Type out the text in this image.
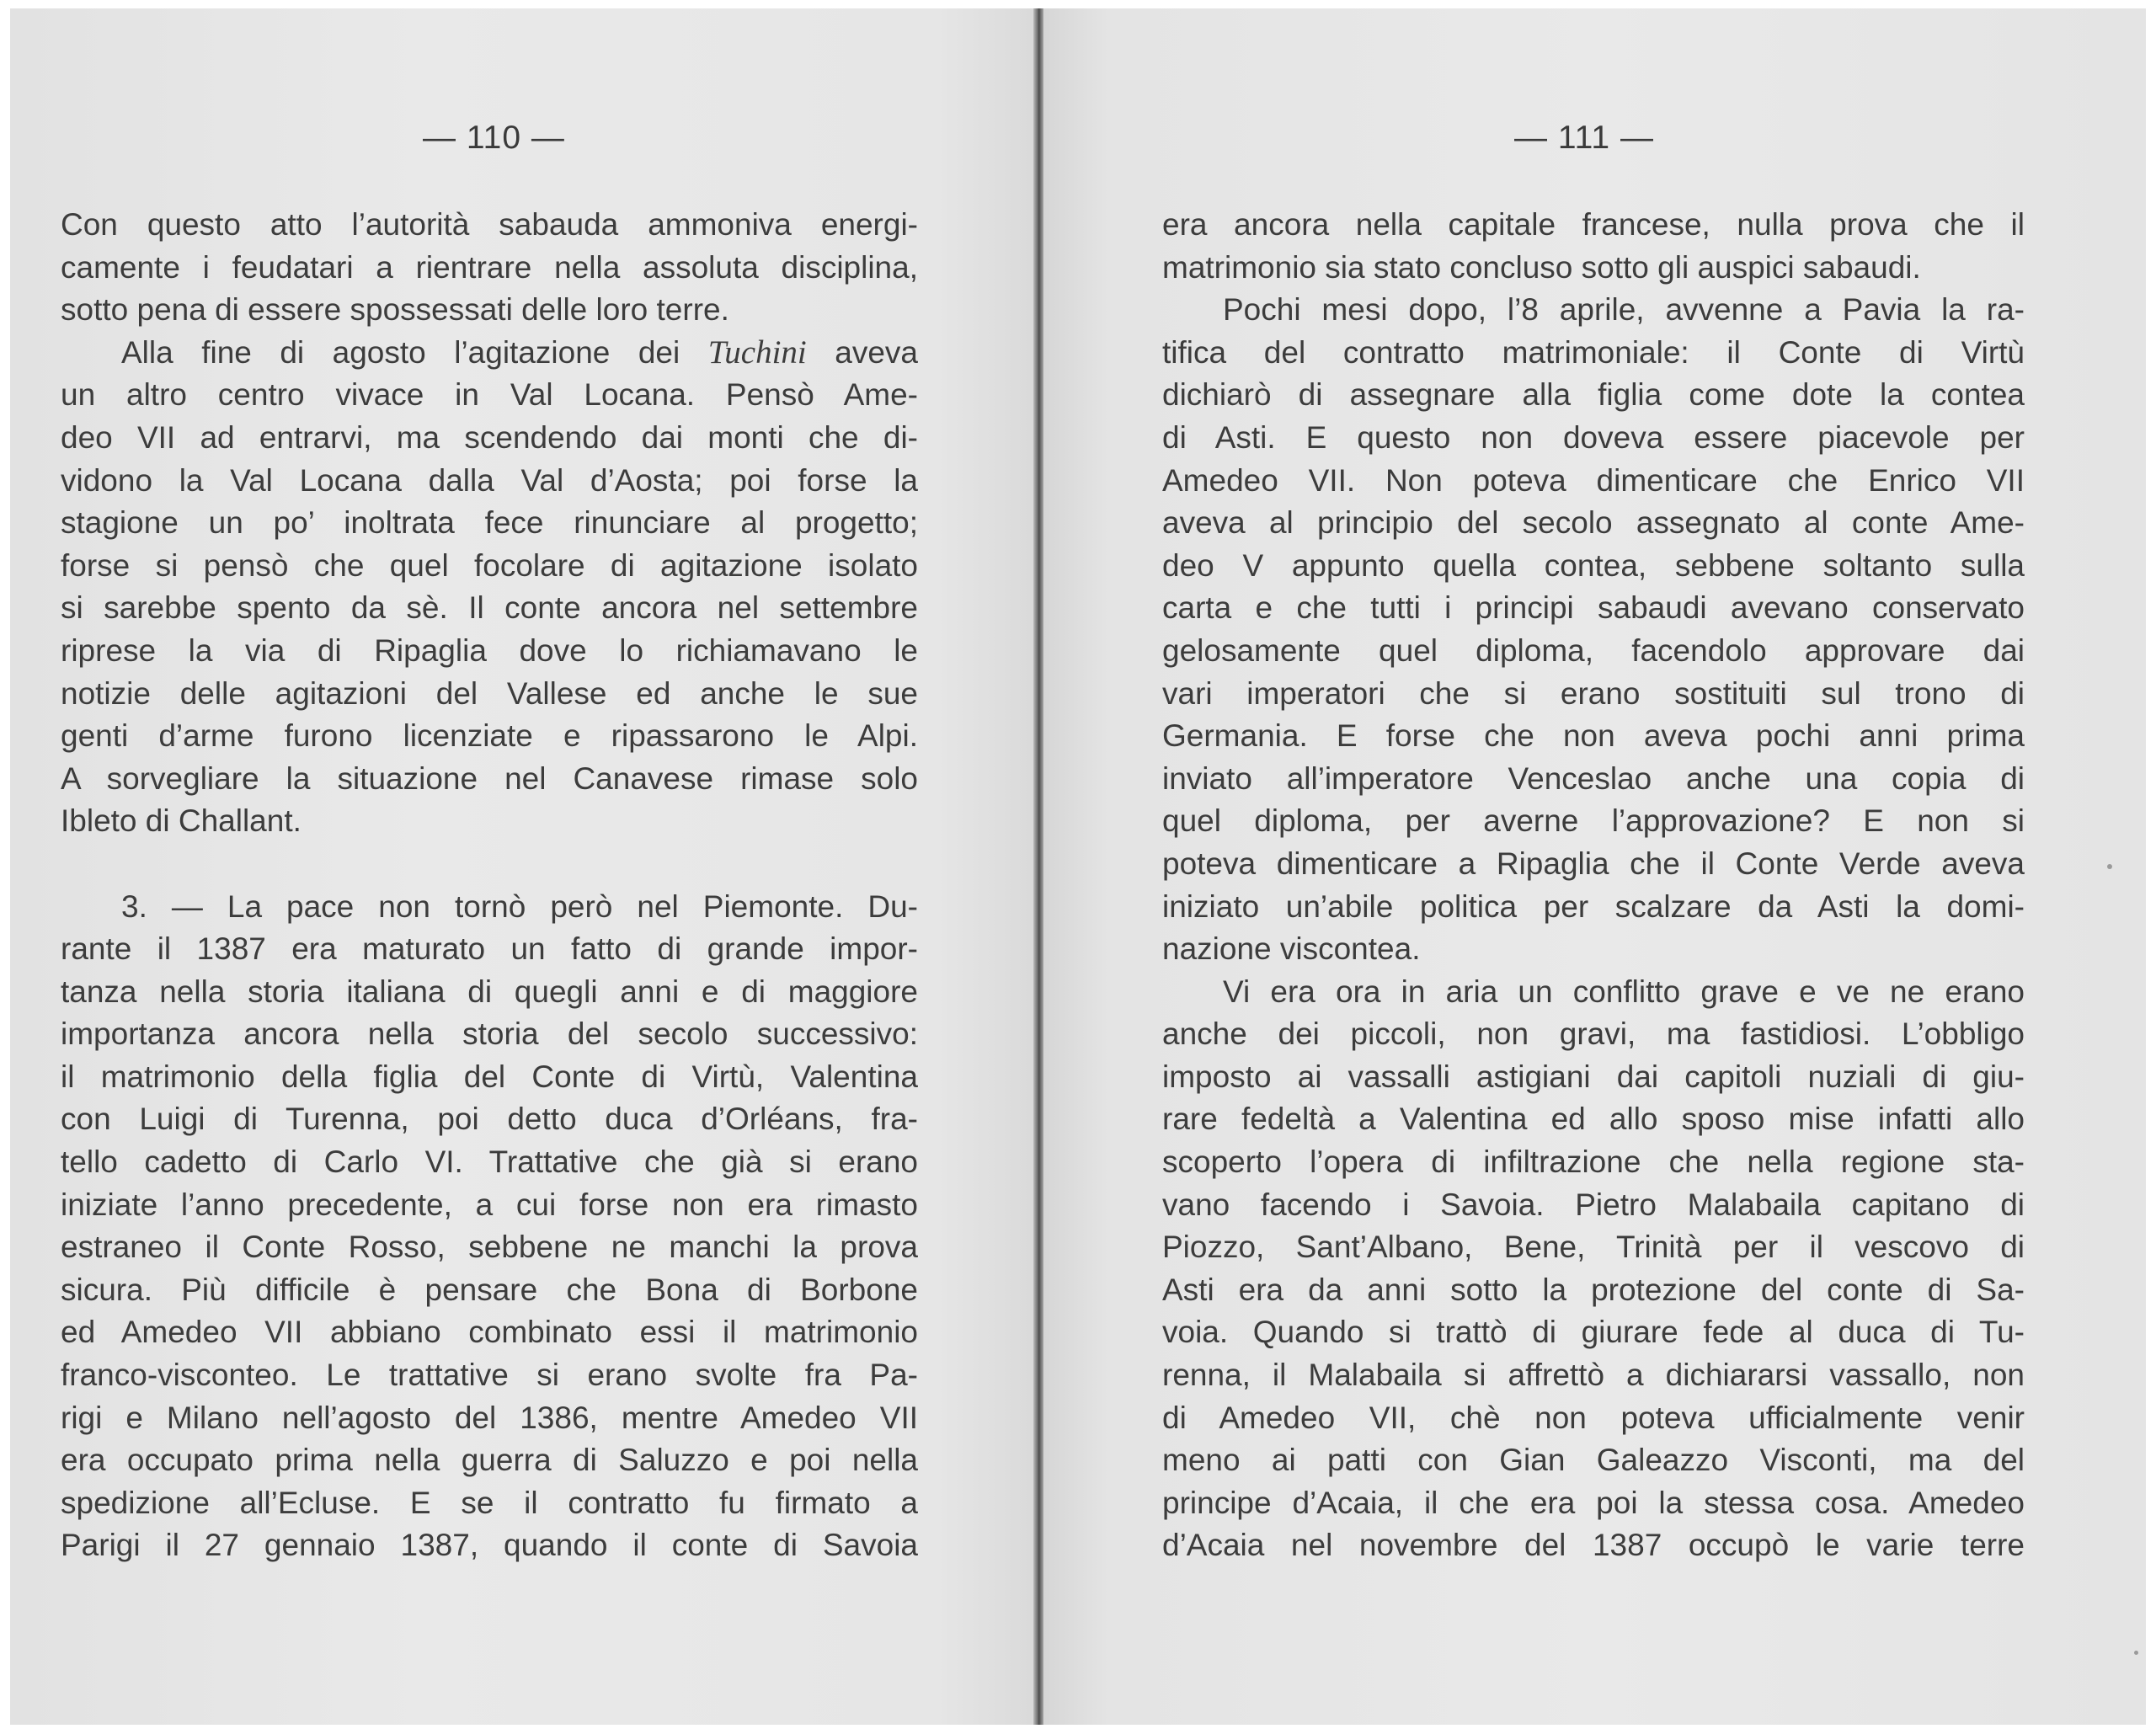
— 110 —	— 111 —
Con questo atto l’autorità sabauda ammoniva energi-
camente i feudatari a rientrare nella assoluta disciplina,
sotto pena di essere spossessati delle loro terre.
Alla fine di agosto l’agitazione dei Tuchini aveva
un altro centro vivace in Val Locana. Pensò Ame-
deo VII ad entrarvi, ma scendendo dai monti che di-
vidono la Val Locana dalla Val d’Aosta; poi forse la
stagione un po’ inoltrata fece rinunciare al progetto;
forse si pensò che quel focolare di agitazione isolato
si sarebbe spento da sè. Il conte ancora nel settembre
riprese la via di Ripaglia dove lo richiamavano le
notizie delle agitazioni del Vallese ed anche le sue
genti d’arme furono licenziate e ripassarono le Alpi.
A sorvegliare la situazione nel Canavese rimase solo
Ibleto di Challant.
3. — La pace non tornò però nel Piemonte. Du-
rante il 1387 era maturato un fatto di grande impor-
tanza nella storia italiana di quegli anni e di maggiore
importanza ancora nella storia del secolo successivo:
il matrimonio della figlia del Conte di Virtù, Valentina
con Luigi di Turenna, poi detto duca d’Orléans, fra-
tello cadetto di Carlo VI. Trattative che già si erano
iniziate l’anno precedente, a cui forse non era rimasto
estraneo il Conte Rosso, sebbene ne manchi la prova
sicura. Più difficile è pensare che Bona di Borbone
ed Amedeo VII abbiano combinato essi il matrimonio
franco-visconteo. Le trattative si erano svolte fra Pa-
rigi e Milano nell’agosto del 1386, mentre Amedeo VII
era occupato prima nella guerra di Saluzzo e poi nella
spedizione all’Ecluse. E se il contratto fu firmato a
Parigi il 27 gennaio 1387, quando il conte di Savoia
era ancora nella capitale francese, nulla prova che il
matrimonio sia stato concluso sotto gli auspici sabaudi.
Pochi mesi dopo, l’8 aprile, avvenne a Pavia la ra-
tifica del contratto matrimoniale: il Conte di Virtù
dichiarò di assegnare alla figlia come dote la contea
di Asti. E questo non doveva essere piacevole per
Amedeo VII. Non poteva dimenticare che Enrico VII
aveva al principio del secolo assegnato al conte Ame-
deo V appunto quella contea, sebbene soltanto sulla
carta e che tutti i principi sabaudi avevano conservato
gelosamente quel diploma, facendolo approvare dai
vari imperatori che si erano sostituiti sul trono di
Germania. E forse che non aveva pochi anni prima
inviato all’imperatore Venceslao anche una copia di
quel diploma, per averne l’approvazione? E non si
poteva dimenticare a Ripaglia che il Conte Verde aveva
iniziato un’abile politica per scalzare da Asti la domi-
nazione viscontea.
Vi era ora in aria un conflitto grave e ve ne erano
anche dei piccoli, non gravi, ma fastidiosi. L’obbligo
imposto ai vassalli astigiani dai capitoli nuziali di giu-
rare fedeltà a Valentina ed allo sposo mise infatti allo
scoperto l’opera di infiltrazione che nella regione sta-
vano facendo i Savoia. Pietro Malabaila capitano di
Piozzo, Sant’Albano, Bene, Trinità per il vescovo di
Asti era da anni sotto la protezione del conte di Sa-
voia. Quando si trattò di giurare fede al duca di Tu-
renna, il Malabaila si affrettò a dichiararsi vassallo, non
di Amedeo VII, chè non poteva ufficialmente venir
meno ai patti con Gian Galeazzo Visconti, ma del
principe d’Acaia, il che era poi la stessa cosa. Amedeo
d’Acaia nel novembre del 1387 occupò le varie terre
